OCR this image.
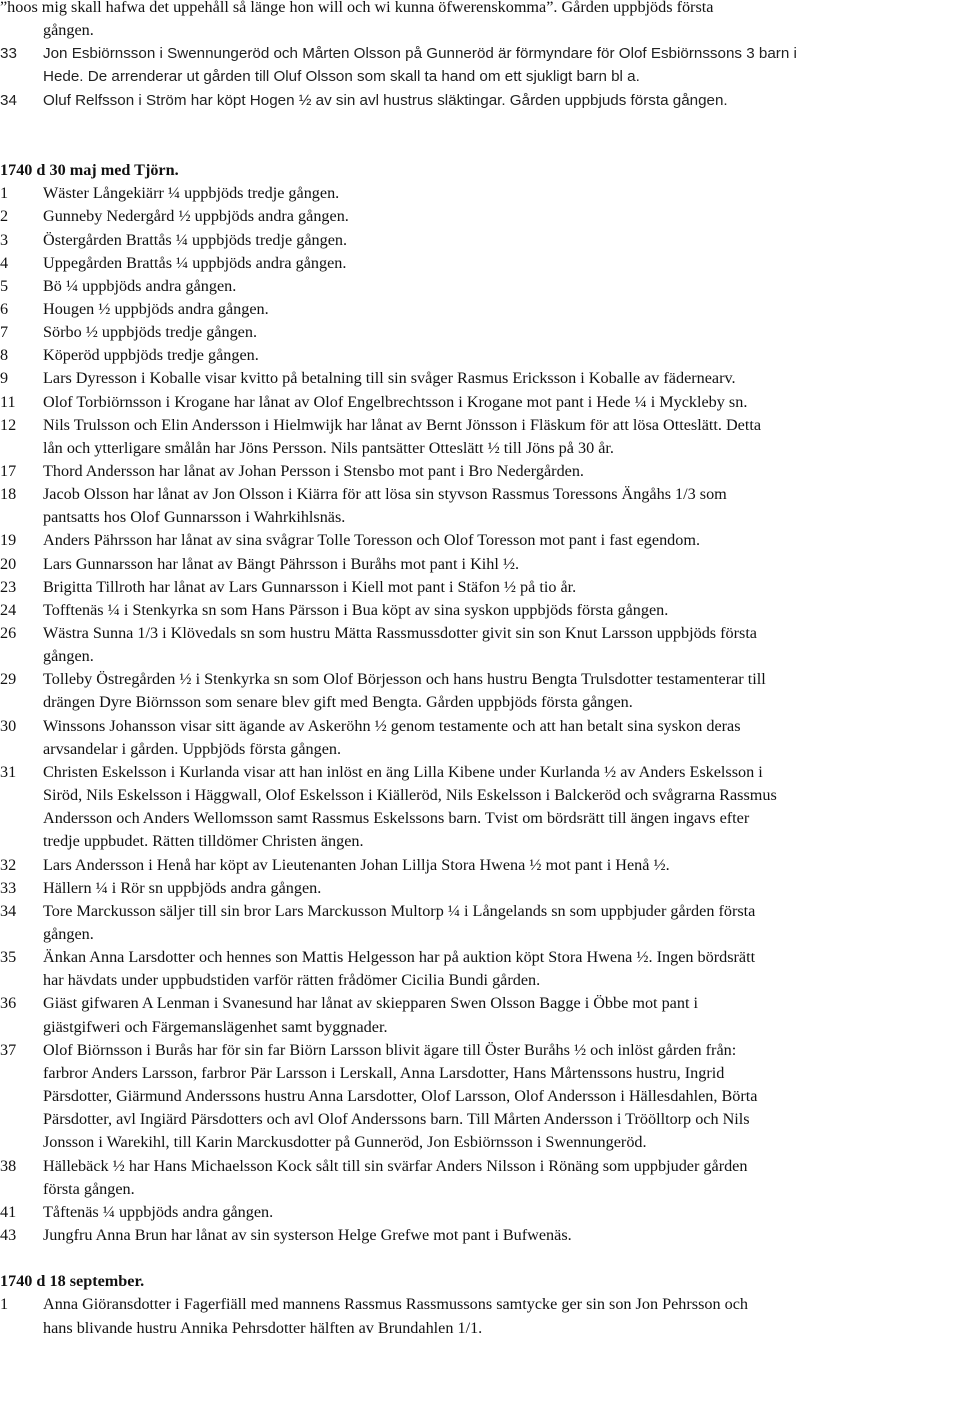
”hoos mig skall hafwa det uppehåll så länge hon will och wi kunna öfwerenskomma”. Gården uppbjöds första
gången.
33	Jon Esbiörnsson i Swennungeröd och Mårten Olsson på Gunneröd är förmyndare för Olof Esbiörnssons 3 barn i
Hede. De arrenderar ut gården till Oluf Olsson som skall ta hand om ett sjukligt barn bl a.
34	Oluf Relfsson i Ström har köpt Hogen ½ av sin avl hustrus släktingar. Gården uppbjuds första gången.
1740 d 30 maj med Tjörn.
1	Wäster Långekiärr ¼ uppbjöds tredje gången.
2	Gunneby Nedergård ½ uppbjöds andra gången.
3	Östergården Brattås ¼ uppbjöds tredje gången.
4	Uppegården Brattås ¼ uppbjöds andra gången.
5	Bö ¼ uppbjöds andra gången.
6	Hougen ½ uppbjöds andra gången.
7	Sörbo ½ uppbjöds tredje gången.
8	Köperöd uppbjöds tredje gången.
9	Lars Dyresson i Koballe visar kvitto på betalning till sin svåger Rasmus Ericksson i Koballe av fädernearv.
11	Olof Torbiörnsson i Krogane har lånat av Olof Engelbrechtsson i Krogane mot pant i Hede ¼ i Myckleby sn.
12	Nils Trulsson och Elin Andersson i Hielmwijk har lånat av Bernt Jönsson i Fläskum för att lösa Otteslätt. Detta
lån och ytterligare smålån har Jöns Persson. Nils pantsätter Otteslätt ½ till Jöns på 30 år.
17	Thord Andersson har lånat av Johan Persson i Stensbo mot pant i Bro Nedergården.
18	Jacob Olsson har lånat av Jon Olsson i Kiärra för att lösa sin styvson Rassmus Toressons Ängåhs 1/3 som
pantsatts hos Olof Gunnarsson i Wahrkihlsnäs.
19	Anders Pährsson har lånat av sina svågrar Tolle Toresson och Olof Toresson mot pant i fast egendom.
20	Lars Gunnarsson har lånat av Bängt Pährsson i Buråhs mot pant i Kihl ½.
23	Brigitta Tillroth har lånat av Lars Gunnarsson i Kiell mot pant i Stäfon ½ på tio år.
24	Tofftenäs ¼ i Stenkyrka sn som Hans Pärsson i Bua köpt av sina syskon uppbjöds första gången.
26	Wästra Sunna 1/3 i Klövedals sn som hustru Mätta Rassmussdotter givit sin son Knut Larsson uppbjöds första
gången.
29	Tolleby Östregården ½ i Stenkyrka sn som Olof Börjesson och hans hustru Bengta Trulsdotter testamenterar till
drängen Dyre Biörnsson som senare blev gift med Bengta. Gården uppbjöds första gången.
30	Winssons Johansson visar sitt ägande av Askeröhn ½ genom testamente och att han betalt sina syskon deras
arvsandelar i gården. Uppbjöds första gången.
31	Christen Eskelsson i Kurlanda visar att han inlöst en äng Lilla Kibene under Kurlanda ½ av Anders Eskelsson i
Siröd, Nils Eskelsson i Häggwall, Olof Eskelsson i Kiälleröd, Nils Eskelsson i Balckeröd och svågrarna Rassmus
Andersson och Anders Wellomsson samt Rassmus Eskelssons barn. Tvist om bördsrätt till ängen ingavs efter
tredje uppbudet. Rätten tilldömer Christen ängen.
32	Lars Andersson i Henå har köpt av Lieutenanten Johan Lillja Stora Hwena ½ mot pant i Henå ½.
33	Hällern ¼ i Rör sn uppbjöds andra gången.
34	Tore Marckusson säljer till sin bror Lars Marckusson Multorp ¼ i Långelands sn som uppbjuder gården första
gången.
35	Änkan Anna Larsdotter och hennes son Mattis Helgesson har på auktion köpt Stora Hwena ½. Ingen bördsrätt
har hävdats under uppbudstiden varför rätten frådömer Cicilia Bundi gården.
36	Giäst gifwaren A Lenman i Svanesund har lånat av skiepparen Swen Olsson Bagge i Öbbe mot pant i
giästgifweri och Färgemanslägenhet samt byggnader.
37	Olof Biörnsson i Burås har för sin far Biörn Larsson blivit ägare till Öster Buråhs ½ och inlöst gården från:
farbror Anders Larsson, farbror Pär Larsson i Lerskall, Anna Larsdotter, Hans Mårtenssons hustru, Ingrid
Pärsdotter, Giärmund Anderssons hustru Anna Larsdotter, Olof Larsson, Olof Andersson i Hällesdahlen, Börta
Pärsdotter, avl Ingiärd Pärsdotters och avl Olof Anderssons barn. Till Mårten Andersson i Tröölltorp och Nils
Jonsson i Warekihl, till Karin Marckusdotter på Gunneröd, Jon Esbiörnsson i Swennungeröd.
38	Hällebäck ½ har Hans Michaelsson Kock sålt till sin svärfar Anders Nilsson i Rönäng som uppbjuder gården
första gången.
41	Tåftenäs ¼ uppbjöds andra gången.
43	Jungfru Anna Brun har lånat av sin systerson Helge Grefwe mot pant i Bufwenäs.
1740 d 18 september.
1	Anna Giöransdotter i Fagerfiäll med mannens Rassmus Rassmussons samtycke ger sin son Jon Pehrsson och
hans blivande hustru Annika Pehrsdotter hälften av Brundahlen 1/1.
